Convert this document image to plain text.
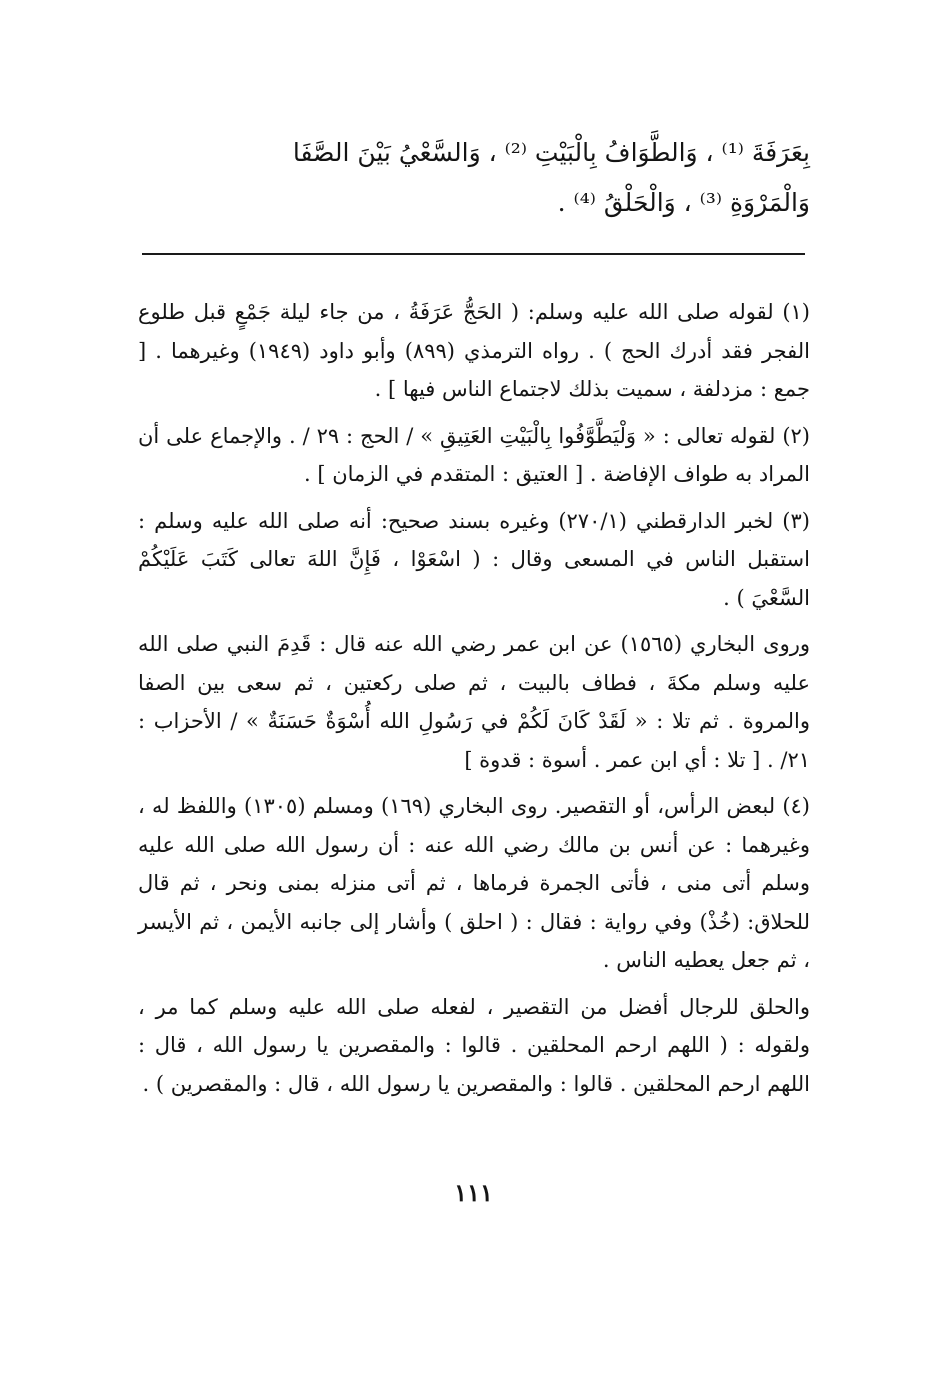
بِعَرَفَةَ ⁽¹⁾ ، وَالطَّوَافُ بِالْبَيْتِ ⁽²⁾ ، وَالسَّعْيُ بَيْنَ الصَّفَا

وَالْمَرْوَةِ ⁽³⁾ ، وَالْحَلْقُ ⁽⁴⁾ .

(١) لقوله صلى الله عليه وسلم: ( الحَجُّ عَرَفَةُ ، من جاء ليلة جَمْعٍ قبل طلوع الفجر فقد أدرك الحج ) . رواه الترمذي (٨٩٩) وأبو داود (١٩٤٩) وغيرهما . [ جمع : مزدلفة ، سميت بذلك لاجتماع الناس فيها ] .

(٢) لقوله تعالى : « وَلْيَطَّوَّفُوا بِالْبَيْتِ العَتِيقِ » / الحج : ٢٩ / . والإجماع على أن المراد به طواف الإفاضة . [ العتيق : المتقدم في الزمان ] .

(٣) لخبر الدارقطني (٢٧٠/١) وغيره بسند صحيح: أنه صلى الله عليه وسلم : استقبل الناس في المسعى وقال : ( اسْعَوْا ، فَإِنَّ اللهَ تعالى كَتَبَ عَلَيْكُمْ السَّعْيَ ) .

وروى البخاري (١٥٦٥) عن ابن عمر رضي الله عنه قال : قَدِمَ النبي صلى الله عليه وسلم مكةَ ، فطاف بالبيت ، ثم صلى ركعتين ، ثم سعى بين الصفا والمروة . ثم تلا : « لَقَدْ كَانَ لَكُمْ في رَسُولِ الله أُسْوَةٌ حَسَنَةٌ » / الأحزاب : ٢١/ . [ تلا : أي ابن عمر . أسوة : قدوة ]

(٤) لبعض الرأس، أو التقصير. روى البخاري (١٦٩) ومسلم (١٣٠٥) واللفظ له ، وغيرهما : عن أنس بن مالك رضي الله عنه : أن رسول الله صلى الله عليه وسلم أتى منى ، فأتى الجمرة فرماها ، ثم أتى منزله بمنى ونحر ، ثم قال للحلاق: (خُذْ) وفي رواية : فقال : ( احلق ) وأشار إلى جانبه الأيمن ، ثم الأيسر ، ثم جعل يعطيه الناس .

والحلق للرجال أفضل من التقصير ، لفعله صلى الله عليه وسلم كما مر ، ولقوله : ( اللهم ارحم المحلقين . قالوا : والمقصرين يا رسول الله ، قال : اللهم ارحم المحلقين . قالوا : والمقصرين يا رسول الله ، قال : والمقصرين ) .

١١١
